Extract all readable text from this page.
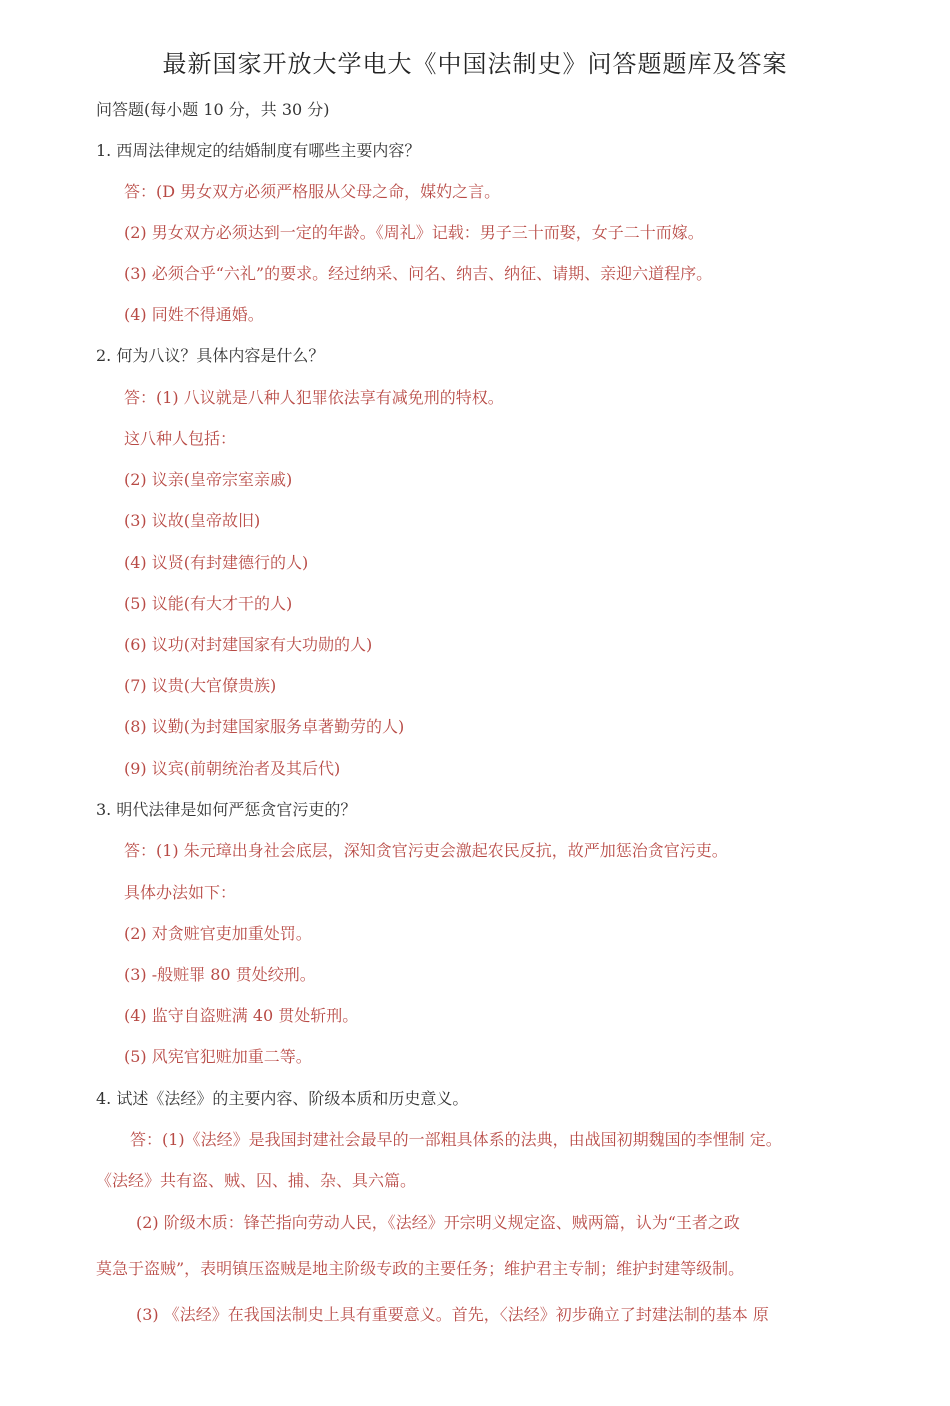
最新国家开放大学电大《中国法制史》问答题题库及答案
问答题(每小题 10 分，共 30 分)
1. 西周法律规定的结婚制度有哪些主要内容？
答：(D 男女双方必须严格服从父母之命，媒妁之言。
(2) 男女双方必须达到一定的年龄。《周礼》记载：男子三十而娶，女子二十而嫁。
(3) 必须合乎“六礼”的要求。经过纳采、问名、纳吉、纳征、请期、亲迎六道程序。
(4) 同姓不得通婚。
2. 何为八议？具体内容是什么？
答：(1) 八议就是八种人犯罪依法享有减免刑的特权。
这八种人包括：
(2) 议亲(皇帝宗室亲戚)
(3) 议故(皇帝故旧)
(4) 议贤(有封建德行的人)
(5) 议能(有大才干的人)
(6) 议功(对封建国家有大功勋的人)
(7) 议贵(大官僚贵族)
(8) 议勤(为封建国家服务卓著勤劳的人)
(9) 议宾(前朝统治者及其后代)
3. 明代法律是如何严惩贪官污吏的？
答：(1) 朱元璋出身社会底层，深知贪官污吏会激起农民反抗，故严加惩治贪官污吏。
具体办法如下：
(2) 对贪赃官吏加重处罚。
(3) -般赃罪 80 贯处绞刑。
(4) 监守自盗赃满 40 贯处斩刑。
(5) 风宪官犯赃加重二等。
4. 试述《法经》的主要内容、阶级本质和历史意义。
答：(1)《法经》是我国封建社会最早的一部粗具体系的法典，由战国初期魏国的李悝制 定。
《法经》共有盗、贼、囚、捕、杂、具六篇。
(2) 阶级木质：锋芒指向劳动人民，《法经》开宗明义规定盗、贼两篇，认为“王者之政
莫急于盗贼”，表明镇压盗贼是地主阶级专政的主要任务；维护君主专制；维护封建等级制。
(3) 《法经》在我国法制史上具有重要意义。首先，〈法经》初步确立了封建法制的基本 原
